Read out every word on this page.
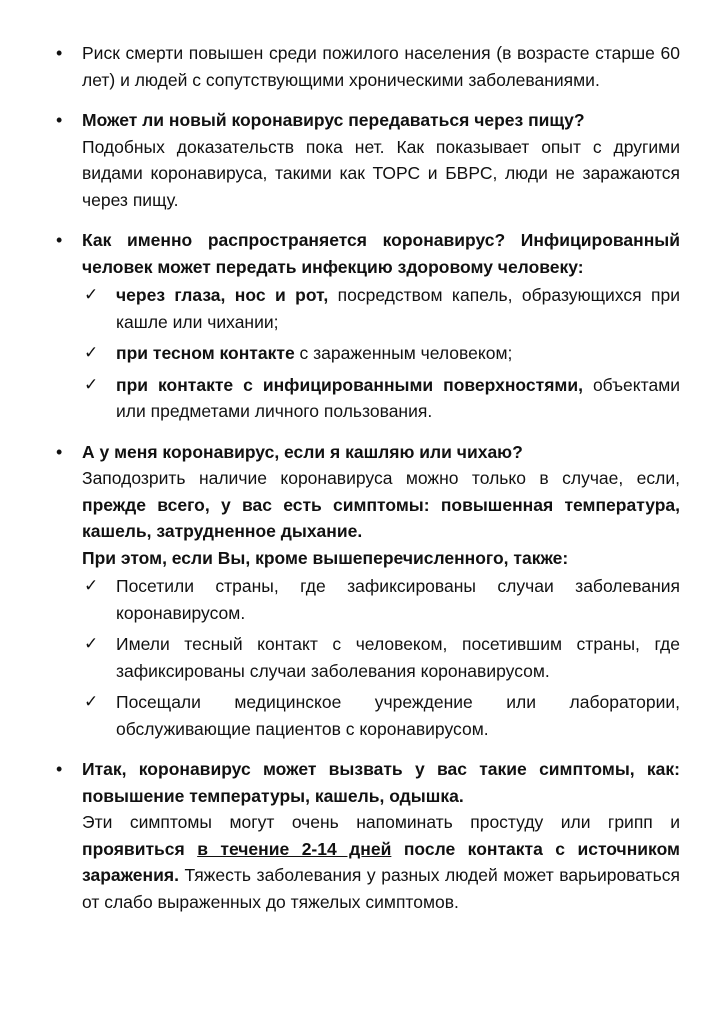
• Риск смерти повышен среди пожилого населения (в возрасте старше 60 лет) и людей с сопутствующими хроническими заболеваниями.

• Может ли новый коронавирус передаваться через пищу?

Подобных доказательств пока нет. Как показывает опыт с другими видами коронавируса, такими как ТОРС и БВРС, люди не заражаются через пищу.

• Как именно распространяется коронавирус? Инфицированный человек может передать инфекцию здоровому человеку:

✓ через глаза, нос и рот, посредством капель, образующихся при кашле или чихании;

✓ при тесном контакте с зараженным человеком;

✓ при контакте с инфицированными поверхностями, объектами или предметами личного пользования.

• А у меня коронавирус, если я кашляю или чихаю?

Заподозрить наличие коронавируса можно только в случае, если, прежде всего, у вас есть симптомы: повышенная температура, кашель, затрудненное дыхание.

При этом, если Вы, кроме вышеперечисленного, также:

✓ Посетили страны, где зафиксированы случаи заболевания коронавирусом.

✓ Имели тесный контакт с человеком, посетившим страны, где зафиксированы случаи заболевания коронавирусом.

✓ Посещали медицинское учреждение или лаборатории, обслуживающие пациентов с коронавирусом.

• Итак, коронавирус может вызвать у вас такие симптомы, как: повышение температуры, кашель, одышка.

Эти симптомы могут очень напоминать простуду или грипп и проявиться в течение 2-14 дней после контакта с источником заражения. Тяжесть заболевания у разных людей может варьироваться от слабо выраженных до тяжелых симптомов.
